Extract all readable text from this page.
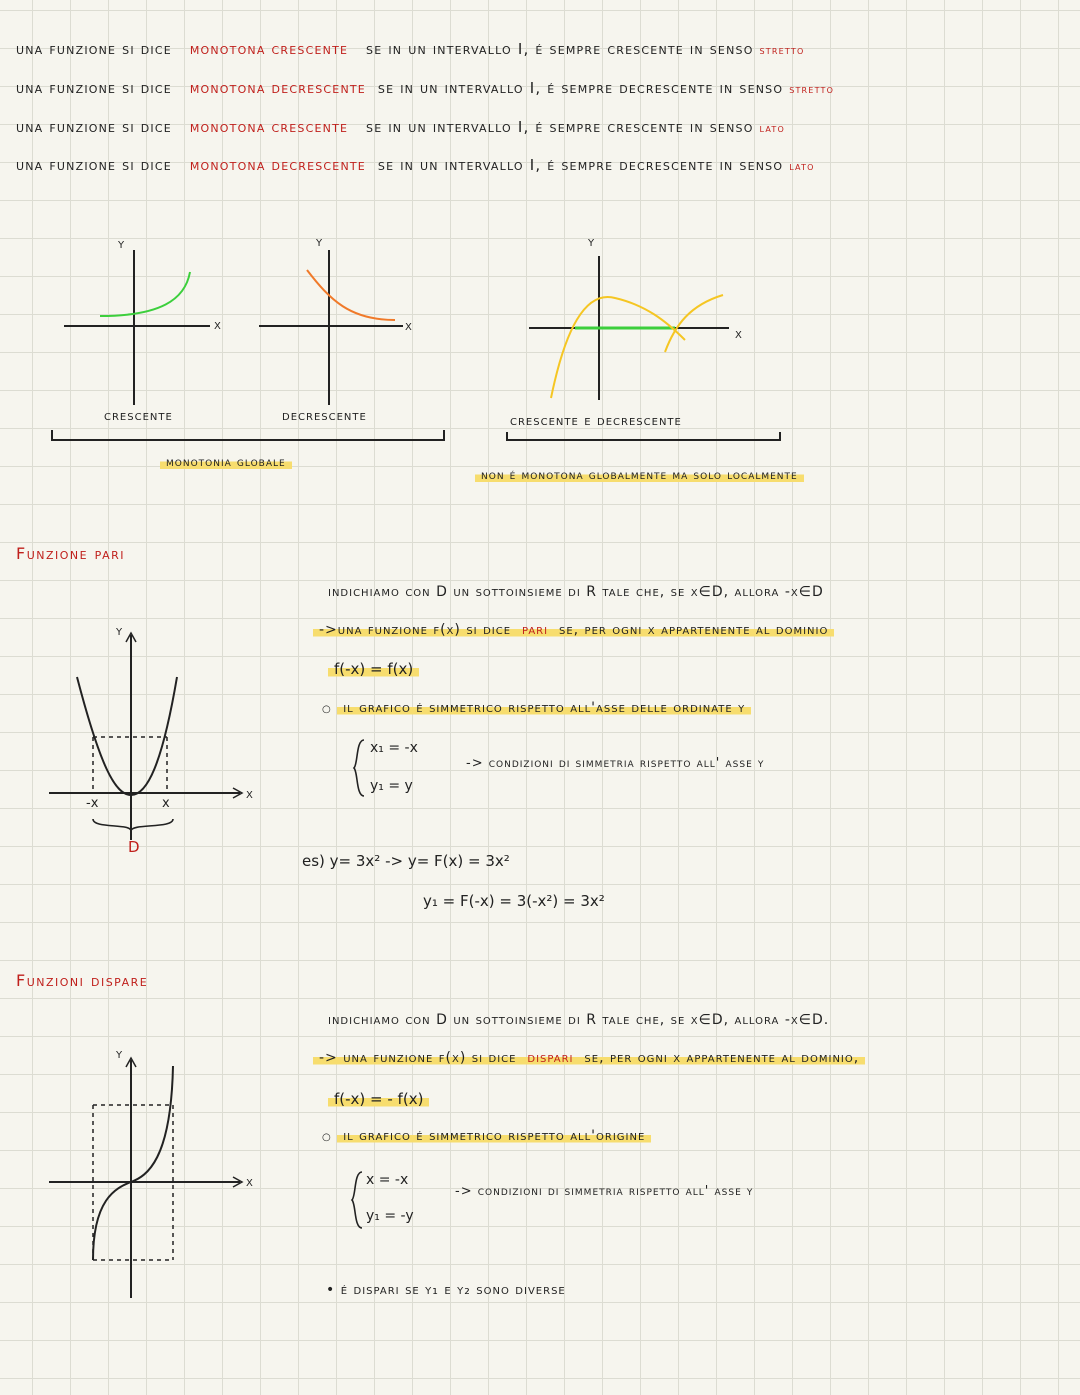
una funzione si dice monotona crescente se in un intervallo I, é sempre crescente in senso stretto
una funzione si dice monotona decrescente se in un intervallo I, é sempre decrescente in senso stretto
una funzione si dice monotona crescente se in un intervallo I, é sempre crescente in senso lato
una funzione si dice monotona decrescente se in un intervallo I, é sempre decrescente in senso lato
y
x
y
x
y
x
crescente	decrescente	crescente e decrescente
monotonia globale
non é monotona globalmente ma solo localmente
Funzione pari
indichiamo con D un sottoinsieme di R tale che, se x∈D, allora -x∈D
->una funzione f(x) si dice pari se, per ogni x appartenente al dominio
f(-x) = f(x)
○ il grafico é simmetrico rispetto all'asse delle ordinate y
x₁ = -x
y₁ = y
-> condizioni di simmetria rispetto all' asse y
es) y= 3x² -> y= F(x) = 3x²
y₁ = F(-x) = 3(-x²) = 3x²
y
x
-x	x
D
Funzioni dispare
indichiamo con D un sottoinsieme di R tale che, se x∈D, allora -x∈D.
-> una funzione f(x) si dice dispari se, per ogni x appartenente al dominio,
f(-x) = - f(x)
○ il grafico é simmetrico rispetto all'origine
x = -x
y₁ = -y
-> condizioni di simmetria rispetto all' asse y
• é dispari se y₁ e y₂ sono diverse
y
x
